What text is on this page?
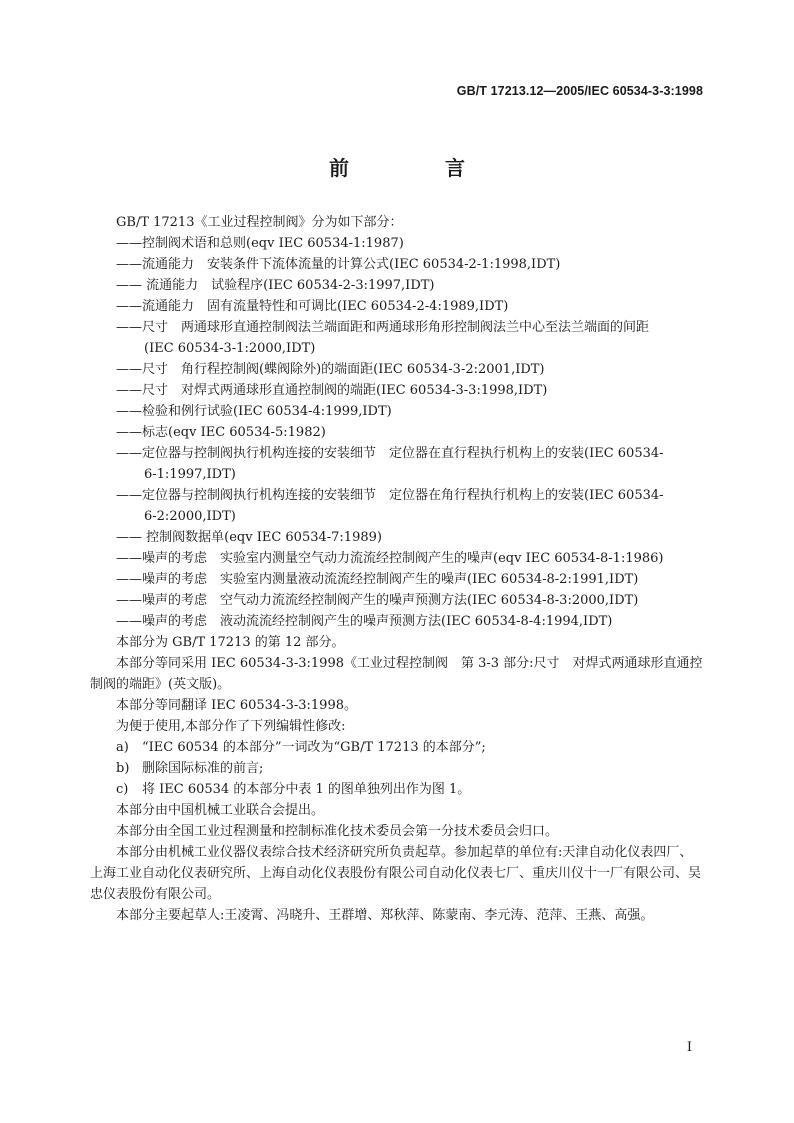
GB/T 17213.12—2005/IEC 60534-3-3:1998
前　言
GB/T 17213《工业过程控制阀》分为如下部分：
——控制阀术语和总则(eqv IEC 60534-1:1987)
——流通能力　安装条件下流体流量的计算公式(IEC 60534-2-1:1998,IDT)
—— 流通能力　试验程序(IEC 60534-2-3:1997,IDT)
——流通能力　固有流量特性和可调比(IEC 60534-2-4:1989,IDT)
——尺寸　两通球形直通控制阀法兰端面距和两通球形角形控制阀法兰中心至法兰端面的间距
(IEC 60534-3-1:2000,IDT)
——尺寸　角行程控制阀(蝶阀除外)的端面距(IEC 60534-3-2:2001,IDT)
——尺寸　对焊式两通球形直通控制阀的端距(IEC 60534-3-3:1998,IDT)
——检验和例行试验(IEC 60534-4:1999,IDT)
——标志(eqv IEC 60534-5:1982)
——定位器与控制阀执行机构连接的安装细节　定位器在直行程执行机构上的安装(IEC 60534-
6-1:1997,IDT)
——定位器与控制阀执行机构连接的安装细节　定位器在角行程执行机构上的安装(IEC 60534-
6-2:2000,IDT)
—— 控制阀数据单(eqv IEC 60534-7:1989)
——噪声的考虑　实验室内测量空气动力流流经控制阀产生的噪声(eqv IEC 60534-8-1:1986)
——噪声的考虑　实验室内测量液动流流经控制阀产生的噪声(IEC 60534-8-2:1991,IDT)
——噪声的考虑　空气动力流流经控制阀产生的噪声预测方法(IEC 60534-8-3:2000,IDT)
——噪声的考虑　液动流流经控制阀产生的噪声预测方法(IEC 60534-8-4:1994,IDT)
本部分为 GB/T 17213 的第 12 部分。
本部分等同采用 IEC 60534-3-3:1998《工业过程控制阀　第 3-3 部分:尺寸　对焊式两通球形直通控制阀的端距》(英文版)。
本部分等同翻译 IEC 60534-3-3:1998。
为便于使用,本部分作了下列编辑性修改:
a) “IEC 60534 的本部分”一词改为“GB/T 17213 的本部分”;
b) 删除国际标准的前言;
c) 将 IEC 60534 的本部分中表 1 的图单独列出作为图 1。
本部分由中国机械工业联合会提出。
本部分由全国工业过程测量和控制标准化技术委员会第一分技术委员会归口。
本部分由机械工业仪器仪表综合技术经济研究所负责起草。参加起草的单位有:天津自动化仪表四厂、上海工业自动化仪表研究所、上海自动化仪表股份有限公司自动化仪表七厂、重庆川仪十一厂有限公司、吴忠仪表股份有限公司。
本部分主要起草人:王凌霄、冯晓升、王群增、郑秋萍、陈蒙南、李元涛、范萍、王燕、高强。
I
